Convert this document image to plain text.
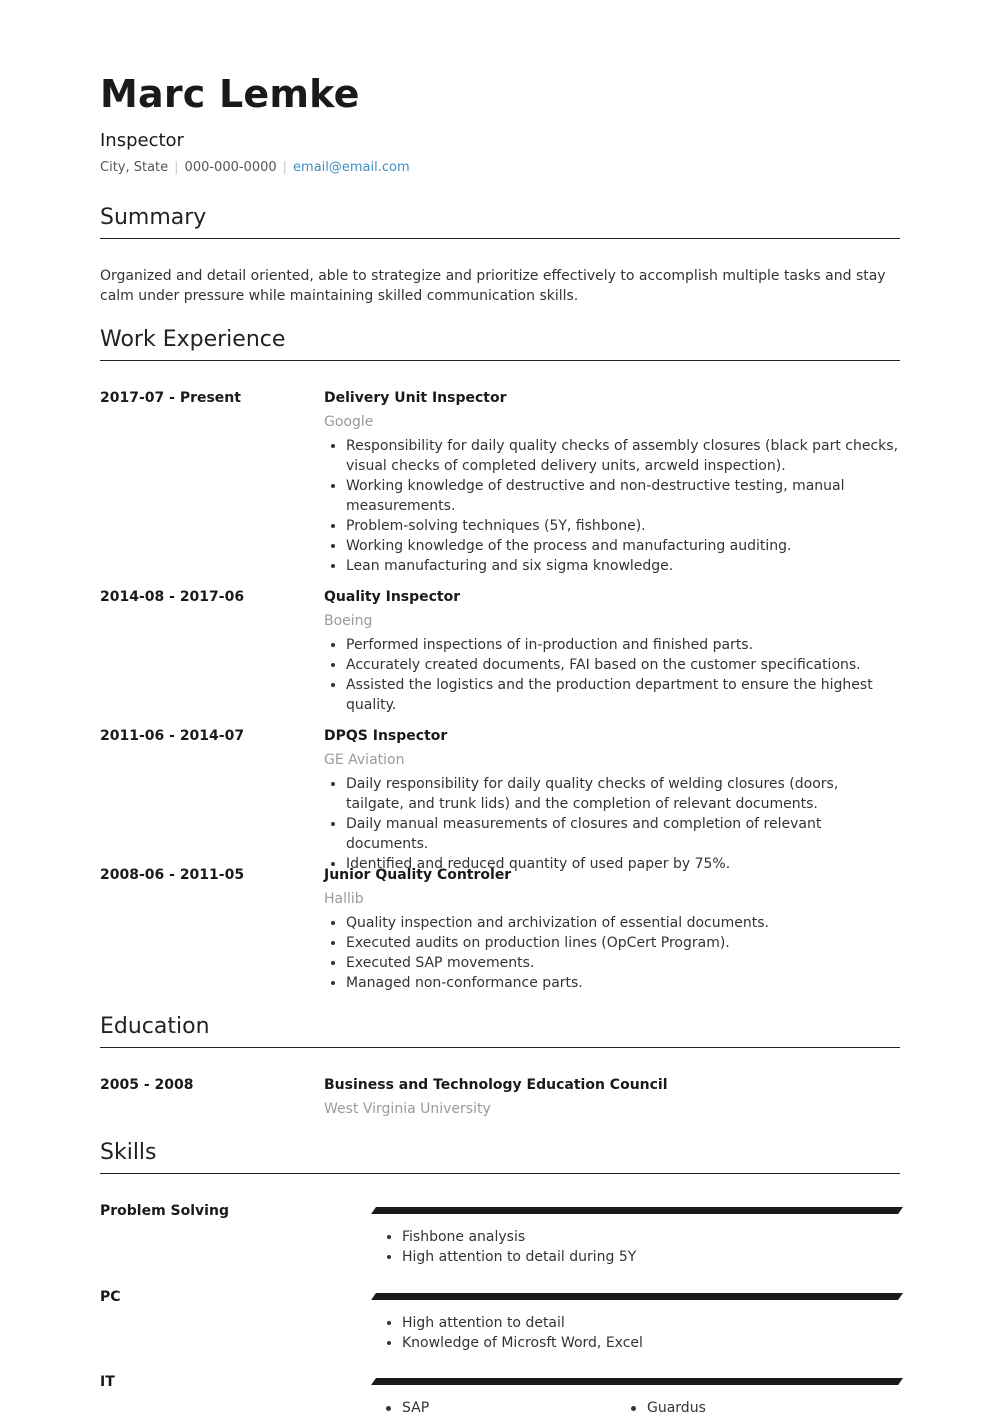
Marc Lemke
Inspector
City, State | 000-000-0000 | email@email.com
Summary

Organized and detail oriented, able to strategize and prioritize effectively to accomplish multiple tasks and stay calm under pressure while maintaining skilled communication skills.

Work Experience
2017-07 - Present	Delivery Unit Inspector
Google
• Responsibility for daily quality checks of assembly closures (black part checks, visual checks of completed delivery units, arcweld inspection).
• Working knowledge of destructive and non-destructive testing, manual measurements.
• Problem-solving techniques (5Y, fishbone).
• Working knowledge of the process and manufacturing auditing.
• Lean manufacturing and six sigma knowledge.
2014-08 - 2017-06	Quality Inspector
Boeing
• Performed inspections of in-production and finished parts.
• Accurately created documents, FAI based on the customer specifications.
• Assisted the logistics and the production department to ensure the highest quality.
2011-06 - 2014-07	DPQS Inspector
GE Aviation
• Daily responsibility for daily quality checks of welding closures (doors, tailgate, and trunk lids) and the completion of relevant documents.
• Daily manual measurements of closures and completion of relevant documents.
• Identified and reduced quantity of used paper by 75%.
2008-06 - 2011-05	Junior Quality Controler
Hallib
• Quality inspection and archivization of essential documents.
• Executed audits on production lines (OpCert Program).
• Executed SAP movements.
• Managed non-conformance parts.
Education
2005 - 2008	Business and Technology Education Council
West Virginia University
Skills
Problem Solving
• Fishbone analysis
• High attention to detail during 5Y
PC
• High attention to detail
• Knowledge of Microsft Word, Excel
IT
SAP	Guardus
